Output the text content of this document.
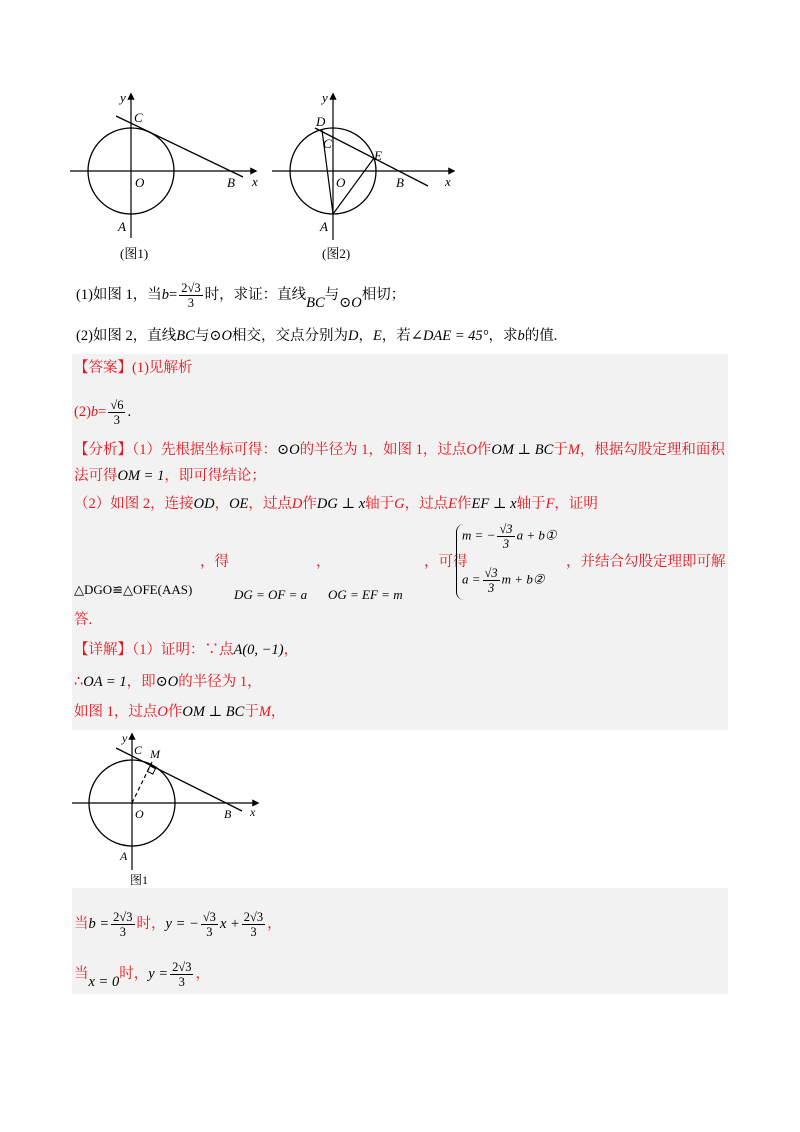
y
x
C
O	B
A
(图1)
y
x
D
C
E
O	B
A
(图2)
(1)如图 1，当$b= \frac{2√3}{3}$ 时，求证：直线BC与⊙O相切；
(2)如图 2，直线BC与⊙O相交，交点分别为D，E，若∠DAE = 45°，求b的值.
【答案】(1)见解析
$(2)b= \frac{√6}{3}$ .
【分析】（1）先根据坐标可得：⊙O的半径为 1，如图 1，过点O作OM ⊥ BC于M，根据勾股定理和面积
法可得OM = 1，即可得结论；
（2）如图 2，连接OD，OE，过点D作DG ⊥ x轴于G，过点E作EF ⊥ x轴于F，证明
，得	，	，可得
△DGO≌△OFE(AAS)	DG = OF = a OG = EF = m
m = − $\frac{√3}{3}$ a + b①
$a = \frac{√3}{3}$ m + b②
，并结合勾股定理即可解
答.
【详解】（1）证明：∵点A(0, −1)，
∴OA = 1，即⊙O的半径为 1，
如图 1，过点O作OM ⊥ BC于M，
y
x
C M
O	B
A
图1
当$b = \frac{2√3}{3}$ 时，y = − $\frac{√3}{3}$ $x + \frac{2√3}{3}$ ，
当x = 0时，$y = \frac{2√3}{3}$ ，
